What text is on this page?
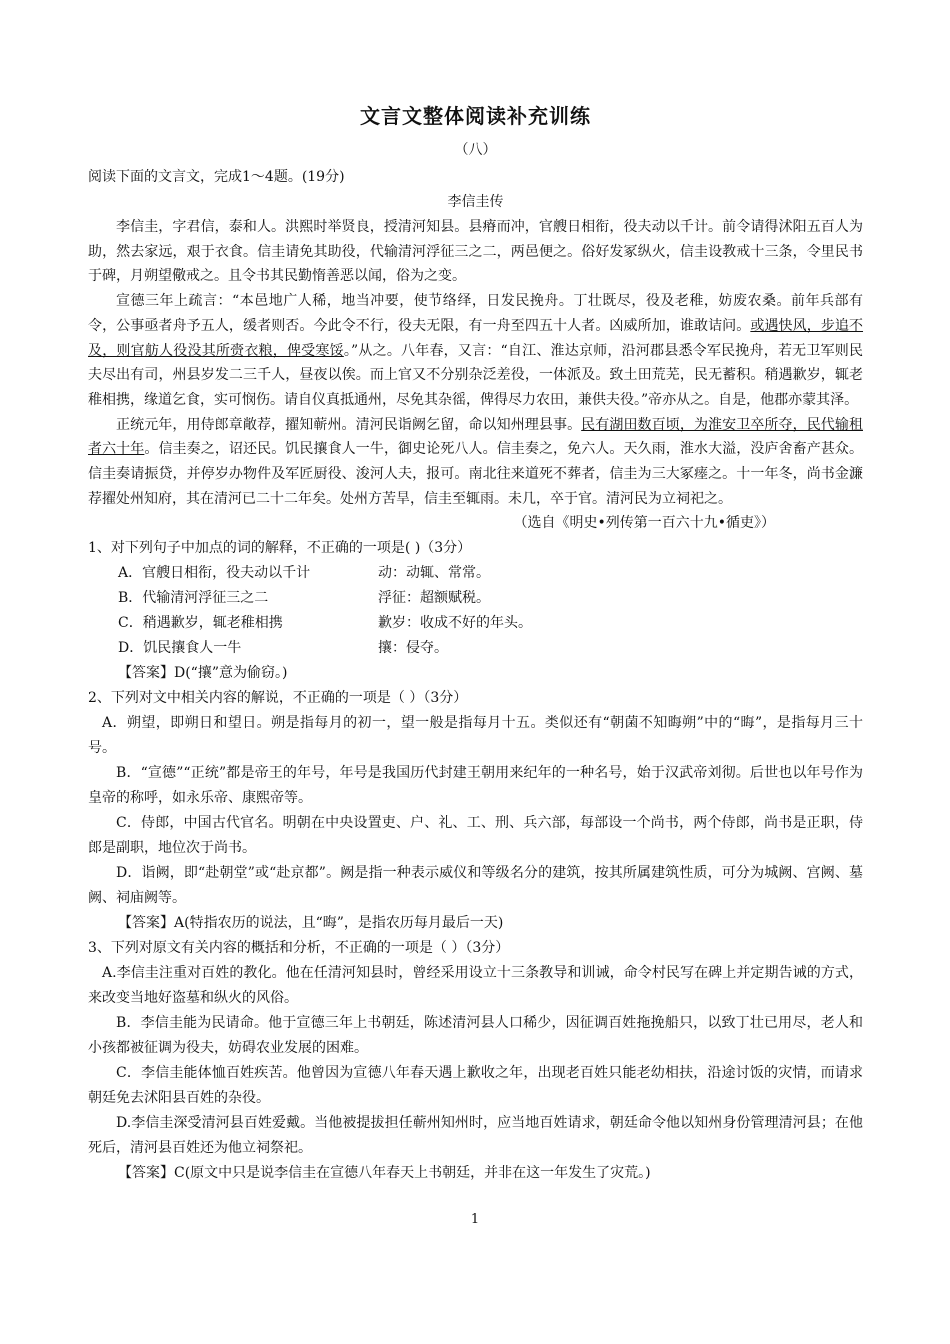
文言文整体阅读补充训练
（八）

阅读下面的文言文，完成1～4题。(19分)

李信圭传

李信圭，字君信，泰和人。洪熙时举贤良，授清河知县。县瘠而冲，官艘日相衔，役夫动以千计。前令请得沭阳五百人为助，然去家远，艰于衣食。信圭请免其助役，代输清河浮征三之二，两邑便之。俗好发冢纵火，信圭设教戒十三条，令里民书于碑，月朔望儆戒之。且令书其民勤惰善恶以闻，俗为之变。

宣德三年上疏言：“本邑地广人稀，地当冲要，使节络绎，日发民挽舟。丁壮既尽，役及老稚，妨废农桑。前年兵部有令，公事亟者舟予五人，缓者则否。今此令不行，役夫无限，有一舟至四五十人者。凶威所加，谁敢诘问。或遇快风，步追不及，则官舫人役没其所赍衣粮，俾受寒馁。”从之。八年春，又言：“自江、淮达京师，沿河郡县悉令军民挽舟，若无卫军则民夫尽出有司，州县岁发二三千人，昼夜以俟。而上官又不分别杂泛差役，一体派及。致土田荒芜，民无蓄积。稍遇歉岁，辄老稚相携，缘道乞食，实可悯伤。请自仪真抵通州，尽免其杂徭，俾得尽力农田，兼供夫役。”帝亦从之。自是，他郡亦蒙其泽。

正统元年，用侍郎章敞荐，擢知蕲州。清河民诣阙乞留，命以知州理县事。民有湖田数百顷，为淮安卫卒所夺，民代输租者六十年。信圭奏之，诏还民。饥民攘食人一牛，御史论死八人。信圭奏之，免六人。天久雨，淮水大溢，没庐舍畜产甚众。信圭奏请振贷，并停岁办物件及军匠厨役、浚河人夫，报可。南北往来道死不葬者，信圭为三大冢瘗之。十一年冬，尚书金濂荐擢处州知府，其在清河已二十二年矣。处州方苦旱，信圭至辄雨。未几，卒于官。清河民为立祠祀之。

（选自《明史•列传第一百六十九•循吏》）

1、对下列句子中加点的词的解释，不正确的一项是( )（3分）

A．官艘日相衔，役夫动以千计	动：动辄、常常。
B．代输清河浮征三之二	浮征：超额赋税。
C．稍遇歉岁，辄老稚相携	歉岁：收成不好的年头。
D．饥民攘食人一牛	攘：侵夺。

【答案】D(“攘”意为偷窃。)

2、下列对文中相关内容的解说，不正确的一项是（ ）（3分）

A．朔望，即朔日和望日。朔是指每月的初一，望一般是指每月十五。类似还有“朝菌不知晦朔”中的“晦”，是指每月三十号。

B．“宣德”“正统”都是帝王的年号，年号是我国历代封建王朝用来纪年的一种名号，始于汉武帝刘彻。后世也以年号作为皇帝的称呼，如永乐帝、康熙帝等。

C．侍郎，中国古代官名。明朝在中央设置吏、户、礼、工、刑、兵六部，每部设一个尚书，两个侍郎，尚书是正职，侍郎是副职，地位次于尚书。

D．诣阙，即“赴朝堂”或“赴京都”。阙是指一种表示威仪和等级名分的建筑，按其所属建筑性质，可分为城阙、宫阙、墓阙、祠庙阙等。

【答案】A(特指农历的说法，且“晦”，是指农历每月最后一天)

3、下列对原文有关内容的概括和分析，不正确的一项是（ ）（3分）

A.李信圭注重对百姓的教化。他在任清河知县时，曾经采用设立十三条教导和训诫，命令村民写在碑上并定期告诫的方式，来改变当地好盗墓和纵火的风俗。

B．李信圭能为民请命。他于宣德三年上书朝廷，陈述清河县人口稀少，因征调百姓拖挽船只，以致丁壮已用尽，老人和小孩都被征调为役夫，妨碍农业发展的困难。

C．李信圭能体恤百姓疾苦。他曾因为宣德八年春天遇上歉收之年，出现老百姓只能老幼相扶，沿途讨饭的灾情，而请求朝廷免去沭阳县百姓的杂役。

D.李信圭深受清河县百姓爱戴。当他被提拔担任蕲州知州时，应当地百姓请求，朝廷命令他以知州身份管理清河县；在他死后，清河县百姓还为他立祠祭祀。

【答案】C(原文中只是说李信圭在宣德八年春天上书朝廷，并非在这一年发生了灾荒。)

1
